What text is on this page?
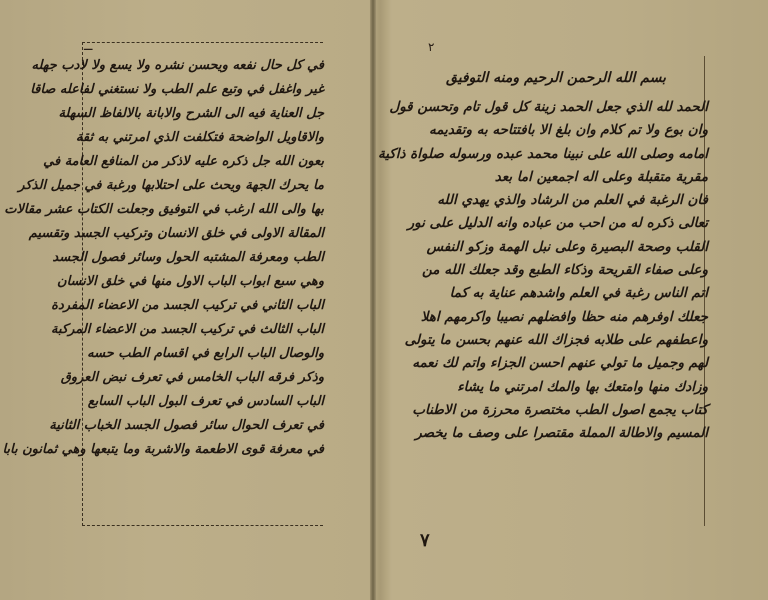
ـ
ﻓﻲ ﻛﻞ ﺣﺎﻝ ﻧﻔﻌﻪ ﻭﻳﺤﺴﻦ ﻧﺸﺮﻩ ﻭﻻ ﻳﺴﻊ ﻭﻻ ﻻﺩﺏ ﺟﻬﻠﻪ
ﻏﻴﺮ ﻭﺍﻏﻔﻞ ﻓﻲ ﻭﺗﻴﻊ ﻋﻠﻢ ﺍﻟﻄﺐ ﻭﻻ ﻧﺴﺘﻐﻨﻲ ﻟﻔﺎﻋﻠﻪ ﺻﺎﻗﺎ
ﺟﻞ ﺍﻟﻌﻨﺎﻳﺔ ﻓﻴﻪ ﺍﻟﻰ ﺍﻟﺸﺮﺡ ﻭﺍﻻﺑﺎﻧﺔ ﺑﺎﻻﻟﻔﺎﻅ ﺍﻟﺴﻬﻠﺔ
ﻭﺍﻻﻗﺎﻭﻳﻞ ﺍﻟﻮﺍﺿﺤﺔ ﻓﺘﻜﻠﻔﺖ ﺍﻟﺬﻱ ﺍﻣﺮﺗﻨﻲ ﺑﻪ ﺛﻘﺔ
ﺑﻌﻮﻥ ﺍﻟﻠﻪ ﺟﻞ ﺫﻛﺮﻩ ﻋﻠﻴﻪ ﻻﺫﻛﺮ ﻣﻦ ﺍﻟﻤﻨﺎﻓﻊ ﺍﻟﻌﺎﻣﺔ ﻓﻲ
ﻣﺎ ﻳﺤﺮﻙ ﺍﻟﺠﻬﺔ ﻭﻳﺤﺚ ﻋﻠﻰ ﺍﺣﺘﻼﺑﻬﺎ ﻭﺭﻏﺒﺔ ﻓﻲ ﺟﻤﻴﻞ ﺍﻟﺬﻛﺮ
ﺑﻬﺎ ﻭﺍﻟﻰ ﺍﻟﻠﻪ ﺍﺭﻏﺐ ﻓﻲ ﺍﻟﺘﻮﻓﻴﻖ ﻭﺟﻌﻠﺖ ﺍﻟﻜﺘﺎﺏ ﻋﺸﺮ ﻣﻘﺎﻻﺕ
ﺍﻟﻤﻘﺎﻟﺔ ﺍﻻﻭﻟﻰ ﻓﻲ ﺧﻠﻖ ﺍﻻﻧﺴﺎﻥ ﻭﺗﺮﻛﻴﺐ ﺍﻟﺠﺴﺪ ﻭﺗﻘﺴﻴﻢ
ﺍﻟﻄﺐ ﻭﻣﻌﺮﻓﺔ ﺍﻟﻤﺸﺘﺒﻪ ﺍﻟﺤﻮﻝ ﻭﺳﺎﺋﺮ ﻓﺼﻮﻝ ﺍﻟﺠﺴﺪ
ﻭﻫﻲ ﺳﺒﻊ ﺍﺑﻮﺍﺏ ﺍﻟﺒﺎﺏ ﺍﻻﻭﻝ ﻣﻨﻬﺎ ﻓﻲ ﺧﻠﻖ ﺍﻻﻧﺴﺎﻥ
ﺍﻟﺒﺎﺏ ﺍﻟﺜﺎﻧﻲ ﻓﻲ ﺗﺮﻛﻴﺐ ﺍﻟﺠﺴﺪ ﻣﻦ ﺍﻻﻋﻀﺎﺀ ﺍﻟﻤﻔﺮﺩﺓ
ﺍﻟﺒﺎﺏ ﺍﻟﺜﺎﻟﺚ ﻓﻲ ﺗﺮﻛﻴﺐ ﺍﻟﺠﺴﺪ ﻣﻦ ﺍﻻﻋﻀﺎﺀ ﺍﻟﻤﺮﻛﺒﺔ
ﻭﺍﻟﻮﺻﺎﻝ ﺍﻟﺒﺎﺏ ﺍﻟﺮﺍﺑﻊ ﻓﻲ ﺍﻗﺴﺎﻡ ﺍﻟﻄﺐ ﺣﺴﻪ
ﻭﺫﻛﺮ ﻓﺮﻗﻪ ﺍﻟﺒﺎﺏ ﺍﻟﺨﺎﻣﺲ ﻓﻲ ﺗﻌﺮﻑ ﻧﺒﺾ ﺍﻟﻌﺮﻭﻕ
ﺍﻟﺒﺎﺏ ﺍﻟﺴﺎﺩﺱ ﻓﻲ ﺗﻌﺮﻑ ﺍﻟﺒﻮﻝ ﺍﻟﺒﺎﺏ ﺍﻟﺴﺎﺑﻊ
ﻓﻲ ﺗﻌﺮﻑ ﺍﻟﺤﻮﺍﻝ ﺳﺎﺋﺮ ﻓﺼﻮﻝ ﺍﻟﺠﺴﺪ ﺍﻟﺨﺒﺎﺏ ﺍﻟﺜﺎﻧﻴﺔ
ﻓﻲ ﻣﻌﺮﻓﺔ ﻗﻮﻯ ﺍﻻﻃﻌﻤﺔ ﻭﺍﻻﺷﺮﺑﺔ ﻭﻣﺎ ﻳﺘﺒﻌﻬﺎ ﻭﻫﻲ ﺛﻤﺎﻧﻮﻥ ﺑﺎﺑﺎ
٢
ﺑﺴﻢ ﺍﻟﻠﻪ ﺍﻟﺮﺣﻤﻦ ﺍﻟﺮﺣﻴﻢ ﻭﻣﻨﻪ ﺍﻟﺘﻮﻓﻴﻖ
ﺍﻟﺤﻤﺪ ﻟﻠﻪ ﺍﻟﺬﻱ ﺟﻌﻞ ﺍﻟﺤﻤﺪ ﺯﻳﻨﺔ ﻛﻞ ﻗﻮﻝ ﺗﺎﻡ ﻭﺗﺤﺴﻦ ﻗﻮﻝ
ﻭﺍﻥ ﺑﻮﻉ ﻭﻻ ﺗﻢ ﻛﻼﻡ ﻭﺍﻥ ﺑﻠﻎ ﺍﻻ ﺑﺎﻓﺘﺘﺎﺣﻪ ﺑﻪ ﻭﺗﻘﺪﻳﻤﻪ
ﺍﻣﺎﻣﻪ ﻭﺻﻠﻰ ﺍﻟﻠﻪ ﻋﻠﻰ ﻧﺒﻴﻨﺎ ﻣﺤﻤﺪ ﻋﺒﺪﻩ ﻭﺭﺳﻮﻟﻪ ﺻﻠﻮﺍﺓ ﺫﺍﻛﻴﺔ
ﻣﻘﺮﻳﺔ ﻣﺘﻘﺒﻠﺔ ﻭﻋﻠﻰ ﺍﻟﻪ ﺍﺟﻤﻌﻴﻦ ﺍﻣﺎ ﺑﻌﺪ
ﻓﺎﻥ ﺍﻟﺮﻏﺒﺔ ﻓﻲ ﺍﻟﻌﻠﻢ ﻣﻦ ﺍﻟﺮﺷﺎﺩ ﻭﺍﻟﺬﻱ ﻳﻬﺪﻱ ﺍﻟﻠﻪ
ﺗﻌﺎﻟﻰ ﺫﻛﺮﻩ ﻟﻪ ﻣﻦ ﺍﺣﺐ ﻣﻦ ﻋﺒﺎﺩﻩ ﻭﺍﻧﻪ ﺍﻟﺪﻟﻴﻞ ﻋﻠﻰ ﻧﻮﺭ
ﺍﻟﻘﻠﺐ ﻭﺻﺤﺔ ﺍﻟﺒﺼﻴﺮﺓ ﻭﻋﻠﻰ ﻧﺒﻞ ﺍﻟﻬﻤﺔ ﻭﺯﻛﻮ ﺍﻟﻨﻔﺲ
ﻭﻋﻠﻰ ﺻﻔﺎﺀ ﺍﻟﻘﺮﻳﺤﺔ ﻭﺫﻛﺎﺀ ﺍﻟﻄﺒﻊ ﻭﻗﺪ ﺟﻌﻠﻚ ﺍﻟﻠﻪ ﻣﻦ
ﺍﺗﻢ ﺍﻟﻨﺎﺱ ﺭﻏﺒﺔ ﻓﻲ ﺍﻟﻌﻠﻢ ﻭﺍﺷﺪﻫﻢ ﻋﻨﺎﻳﺔ ﺑﻪ ﻛﻤﺎ
ﺟﻌﻠﻚ ﺍﻭﻓﺮﻫﻢ ﻣﻨﻪ ﺣﻈﺎ ﻭﺍﻓﻀﻠﻬﻢ ﻧﺼﻴﺒﺎ ﻭﺍﻛﺮﻣﻬﻢ ﺍﻫﻼ
ﻭﺍﻋﻄﻔﻬﻢ ﻋﻠﻰ ﻃﻼﺑﻪ ﻓﺠﺰﺍﻙ ﺍﻟﻠﻪ ﻋﻨﻬﻢ ﺑﺤﺴﻦ ﻣﺎ ﻳﺘﻮﻟﻰ
ﻟﻬﻢ ﻭﺟﻤﻴﻞ ﻣﺎ ﺗﻮﻟﻲ ﻋﻨﻬﻢ ﺍﺣﺴﻦ ﺍﻟﺠﺰﺍﺀ ﻭﺍﺗﻢ ﻟﻚ ﻧﻌﻤﻪ
ﻭﺯﺍﺩﻙ ﻣﻨﻬﺎ ﻭﺍﻣﺘﻌﻚ ﺑﻬﺎ ﻭﺍﻟﻤﻚ ﺍﻣﺮﺗﻨﻲ ﻣﺎ ﻳﺸﺎﺀ
ﻛﺘﺎﺏ ﻳﺠﻤﻊ ﺍﺻﻮﻝ ﺍﻟﻄﺐ ﻣﺨﺘﺼﺮﺓ ﻣﺤﺮﺯﺓ ﻣﻦ ﺍﻻﻃﻨﺎﺏ
ﺍﻟﻤﺴﻴﻢ ﻭﺍﻻﻃﺎﻟﺔ ﺍﻟﻤﻤﻠﺔ ﻣﻘﺘﺼﺮﺍ ﻋﻠﻰ ﻭﺻﻒ ﻣﺎ ﻳﺨﺼﺮ
٧
